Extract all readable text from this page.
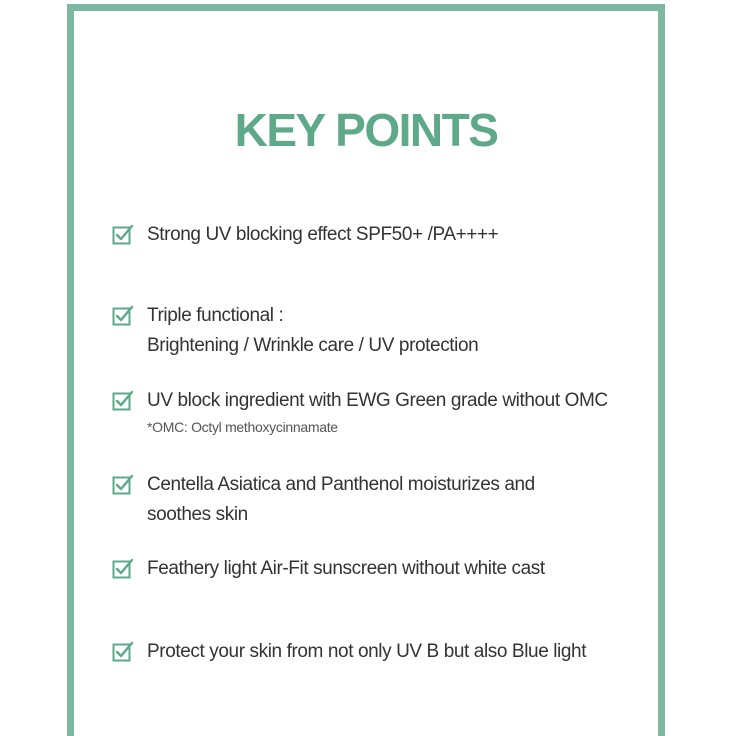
KEY POINTS
Strong UV blocking effect SPF50+ /PA++++
Triple functional :
Brightening / Wrinkle care / UV protection
UV block ingredient with EWG Green grade without OMC
*OMC: Octyl methoxycinnamate
Centella Asiatica and Panthenol moisturizes and
soothes skin
Feathery light Air-Fit sunscreen without white cast
Protect your skin from not only UV B but also Blue light
